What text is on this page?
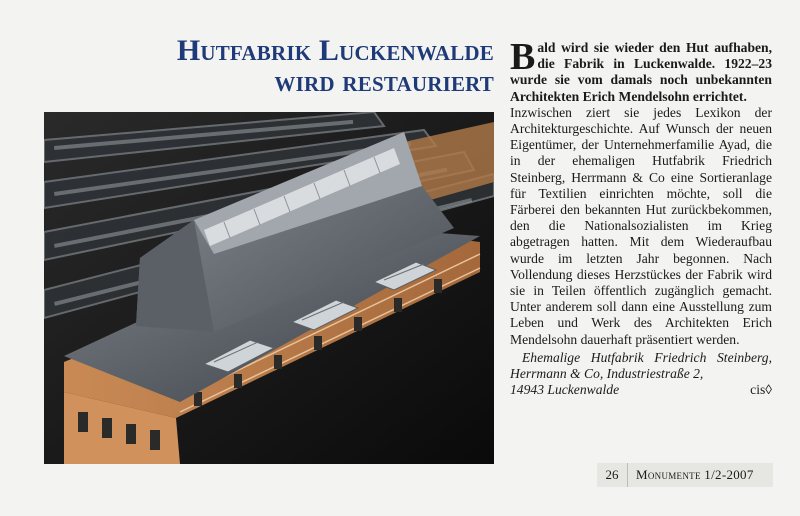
Hutfabrik Luckenwalde
wird restauriert
Bald wird sie wieder den Hut aufhaben, die Fabrik in Luckenwalde. 1922–23 wurde sie vom damals noch unbekannten Architekten Erich Mendelsohn errichtet.
Inzwischen ziert sie jedes Lexikon der Architekturgeschichte. Auf Wunsch der neuen Eigentümer, der Unternehmerfamilie Ayad, die in der ehemaligen Hutfabrik Friedrich Steinberg, Herrmann & Co eine Sortieranlage für Textilien einrichten möchte, soll die Färberei den bekannten Hut zurückbekommen, den die Nationalsozialisten im Krieg abgetragen hatten. Mit dem Wiederaufbau wurde im letzten Jahr begonnen. Nach Vollendung dieses Herzstückes der Fabrik wird sie in Teilen öffentlich zugänglich gemacht. Unter anderem soll dann eine Ausstellung zum Leben und Werk des Architekten Erich Mendelsohn dauerhaft präsentiert werden.
Ehemalige Hutfabrik Friedrich Steinberg, Herrmann & Co, Industriestraße 2,
14943 Luckenwalde	cis◊
26	Monumente 1/2-2007
